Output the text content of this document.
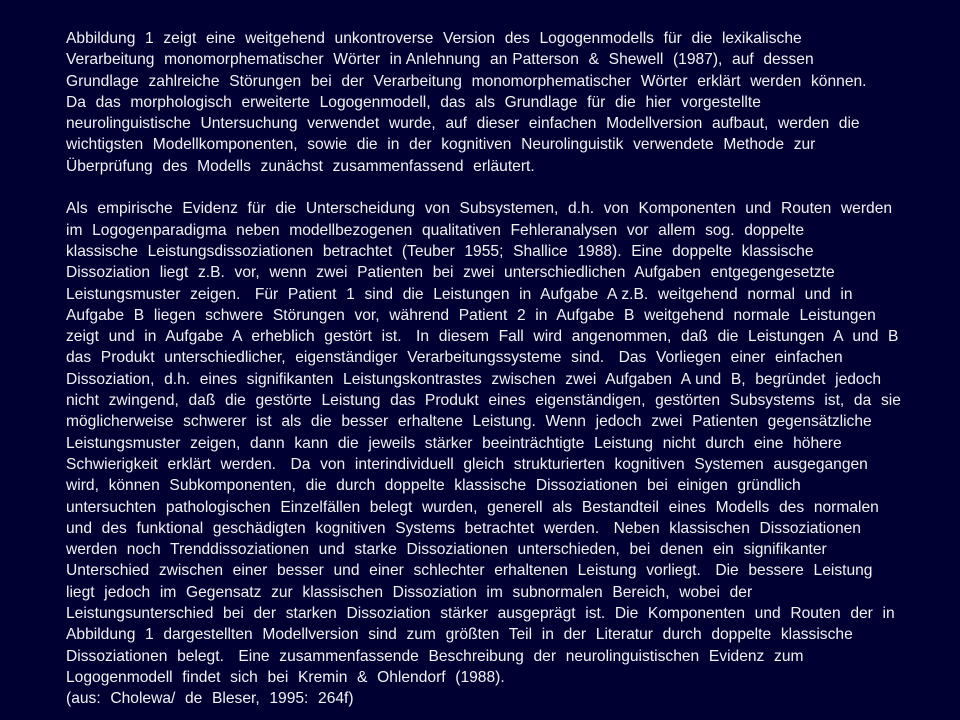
Abbildung  1  zeigt  eine  weitgehend  unkontroverse  Version  des  Logogenmodells  für  die  lexikalische
Verarbeitung  monomorphematischer  Wörter  in Anlehnung  an Patterson  &  Shewell  (1987),  auf  dessen
Grundlage  zahlreiche  Störungen  bei  der  Verarbeitung  monomorphematischer  Wörter  erklärt  werden  können.
Da  das  morphologisch  erweiterte  Logogenmodell,  das  als  Grundlage  für  die  hier  vorgestellte
neurolinguistische  Untersuchung  verwendet  wurde,  auf  dieser  einfachen  Modellversion  aufbaut,  werden  die
wichtigsten  Modellkomponenten,  sowie  die  in  der  kognitiven  Neurolinguistik  verwendete  Methode  zur
Überprüfung  des  Modells  zunächst  zusammenfassend  erläutert.

Als  empirische  Evidenz  für  die  Unterscheidung  von  Subsystemen,  d.h.  von  Komponenten  und  Routen  werden
im  Logogenparadigma  neben  modellbezogenen  qualitativen  Fehleranalysen  vor  allem  sog.  doppelte
klassische  Leistungsdissoziationen  betrachtet  (Teuber  1955;  Shallice  1988).  Eine  doppelte  klassische
Dissoziation  liegt  z.B.  vor,  wenn  zwei  Patienten  bei  zwei  unterschiedlichen  Aufgaben  entgegengesetzte
Leistungsmuster  zeigen.   Für  Patient  1  sind  die  Leistungen  in  Aufgabe  A z.B.  weitgehend  normal  und  in
Aufgabe  B  liegen  schwere  Störungen  vor,  während  Patient  2  in  Aufgabe  B  weitgehend  normale  Leistungen
zeigt  und  in  Aufgabe  A  erheblich  gestört  ist.   In  diesem  Fall  wird  angenommen,  daß  die  Leistungen  A  und  B
das  Produkt  unterschiedlicher,  eigenständiger  Verarbeitungssysteme  sind.   Das  Vorliegen  einer  einfachen
Dissoziation,  d.h.  eines  signifikanten  Leistungskontrastes  zwischen  zwei  Aufgaben  A und  B,  begründet  jedoch
nicht  zwingend,  daß  die  gestörte  Leistung  das  Produkt  eines  eigenständigen,  gestörten  Subsystems  ist,  da  sie
möglicherweise  schwerer  ist  als  die  besser  erhaltene  Leistung.  Wenn  jedoch  zwei  Patienten  gegensätzliche
Leistungsmuster  zeigen,  dann  kann  die  jeweils  stärker  beeinträchtigte  Leistung  nicht  durch  eine  höhere
Schwierigkeit  erklärt  werden.   Da  von  interindividuell  gleich  strukturierten  kognitiven  Systemen  ausgegangen
wird,  können  Subkomponenten,  die  durch  doppelte  klassische  Dissoziationen  bei  einigen  gründlich
untersuchten  pathologischen  Einzelfällen  belegt  wurden,  generell  als  Bestandteil  eines  Modells  des  normalen
und  des  funktional  geschädigten  kognitiven  Systems  betrachtet  werden.   Neben  klassischen  Dissoziationen
werden  noch  Trenddissoziationen  und  starke  Dissoziationen  unterschieden,  bei  denen  ein  signifikanter
Unterschied  zwischen  einer  besser  und  einer  schlechter  erhaltenen  Leistung  vorliegt.   Die  bessere  Leistung
liegt  jedoch  im  Gegensatz  zur  klassischen  Dissoziation  im  subnormalen  Bereich,  wobei  der
Leistungsunterschied  bei  der  starken  Dissoziation  stärker  ausgeprägt  ist.  Die  Komponenten  und  Routen  der  in
Abbildung  1  dargestellten  Modellversion  sind  zum  größten  Teil  in  der  Literatur  durch  doppelte  klassische
Dissoziationen  belegt.   Eine  zusammenfassende  Beschreibung  der  neurolinguistischen  Evidenz  zum
Logogenmodell  findet  sich  bei  Kremin  &  Ohlendorf  (1988).

(aus:  Cholewa/  de  Bleser,  1995:  264f)
